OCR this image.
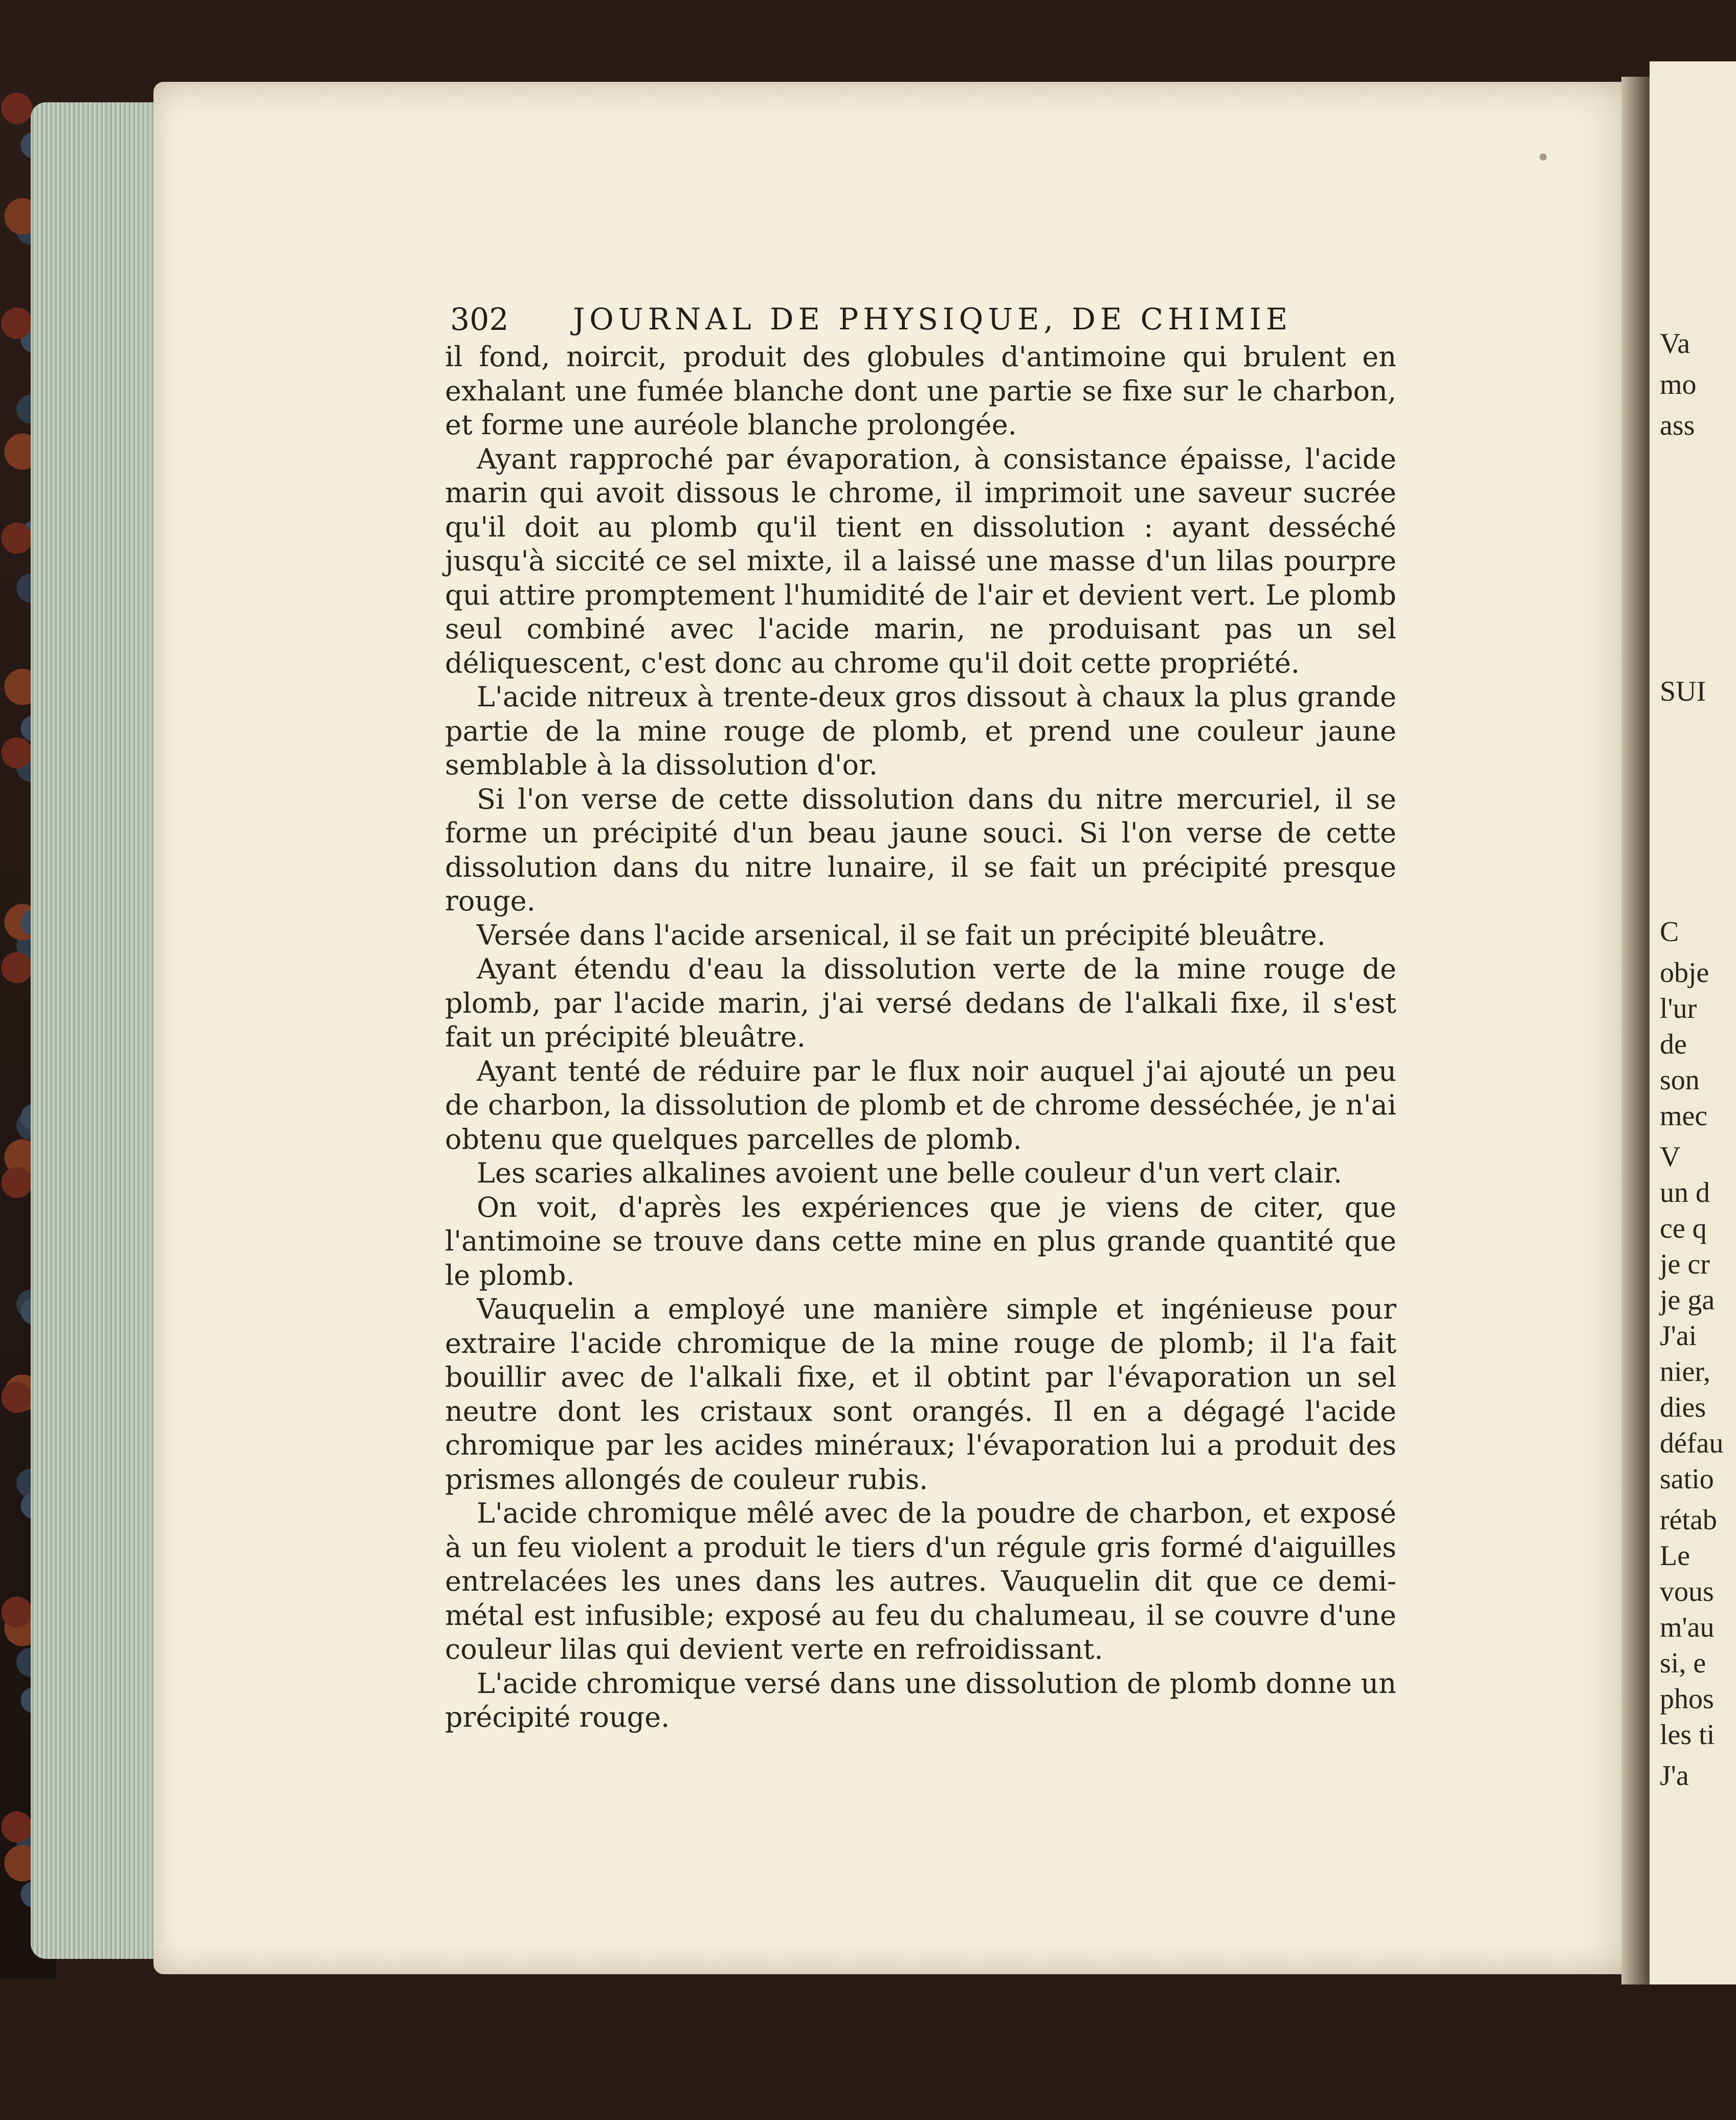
302 JOURNAL DE PHYSIQUE, DE CHIMIE

il fond, noircit, produit des globules d'antimoine qui brulent en exhalant une fumée blanche dont une partie se fixe sur le charbon, et forme une auréole blanche prolongée.

Ayant rapproché par évaporation, à consistance épaisse, l'acide marin qui avoit dissous le chrome, il imprimoit une saveur sucrée qu'il doit au plomb qu'il tient en dissolution : ayant desséché jusqu'à siccité ce sel mixte, il a laissé une masse d'un lilas pourpre qui attire promptement l'humidité de l'air et devient vert. Le plomb seul combiné avec l'acide marin, ne produisant pas un sel déliquescent, c'est donc au chrome qu'il doit cette propriété.

L'acide nitreux à trente-deux gros dissout à chaux la plus grande partie de la mine rouge de plomb, et prend une couleur jaune semblable à la dissolution d'or.

Si l'on verse de cette dissolution dans du nitre mercuriel, il se forme un précipité d'un beau jaune souci. Si l'on verse de cette dissolution dans du nitre lunaire, il se fait un précipité presque rouge.

Versée dans l'acide arsenical, il se fait un précipité bleuâtre.

Ayant étendu d'eau la dissolution verte de la mine rouge de plomb, par l'acide marin, j'ai versé dedans de l'alkali fixe, il s'est fait un précipité bleuâtre.

Ayant tenté de réduire par le flux noir auquel j'ai ajouté un peu de charbon, la dissolution de plomb et de chrome desséchée, je n'ai obtenu que quelques parcelles de plomb.

Les scaries alkalines avoient une belle couleur d'un vert clair.

On voit, d'après les expériences que je viens de citer, que l'antimoine se trouve dans cette mine en plus grande quantité que le plomb.

Vauquelin a employé une manière simple et ingénieuse pour extraire l'acide chromique de la mine rouge de plomb; il l'a fait bouillir avec de l'alkali fixe, et il obtint par l'évaporation un sel neutre dont les cristaux sont orangés. Il en a dégagé l'acide chromique par les acides minéraux; l'évaporation lui a produit des prismes allongés de couleur rubis.

L'acide chromique mêlé avec de la poudre de charbon, et exposé à un feu violent a produit le tiers d'un régule gris formé d'aiguilles entrelacées les unes dans les autres. Vauquelin dit que ce demi-métal est infusible; exposé au feu du chalumeau, il se couvre d'une couleur lilas qui devient verte en refroidissant.

L'acide chromique versé dans une dissolution de plomb donne un précipité rouge.

Va
mo
ass
SUI
C
obje
l'ur
de
son
mec
V
un d
ce q
je cr
je ga
J'ai
nier,
dies
défau
satio
rétab
Le
vous
m'au
si, e
phos
les ti
J'a
